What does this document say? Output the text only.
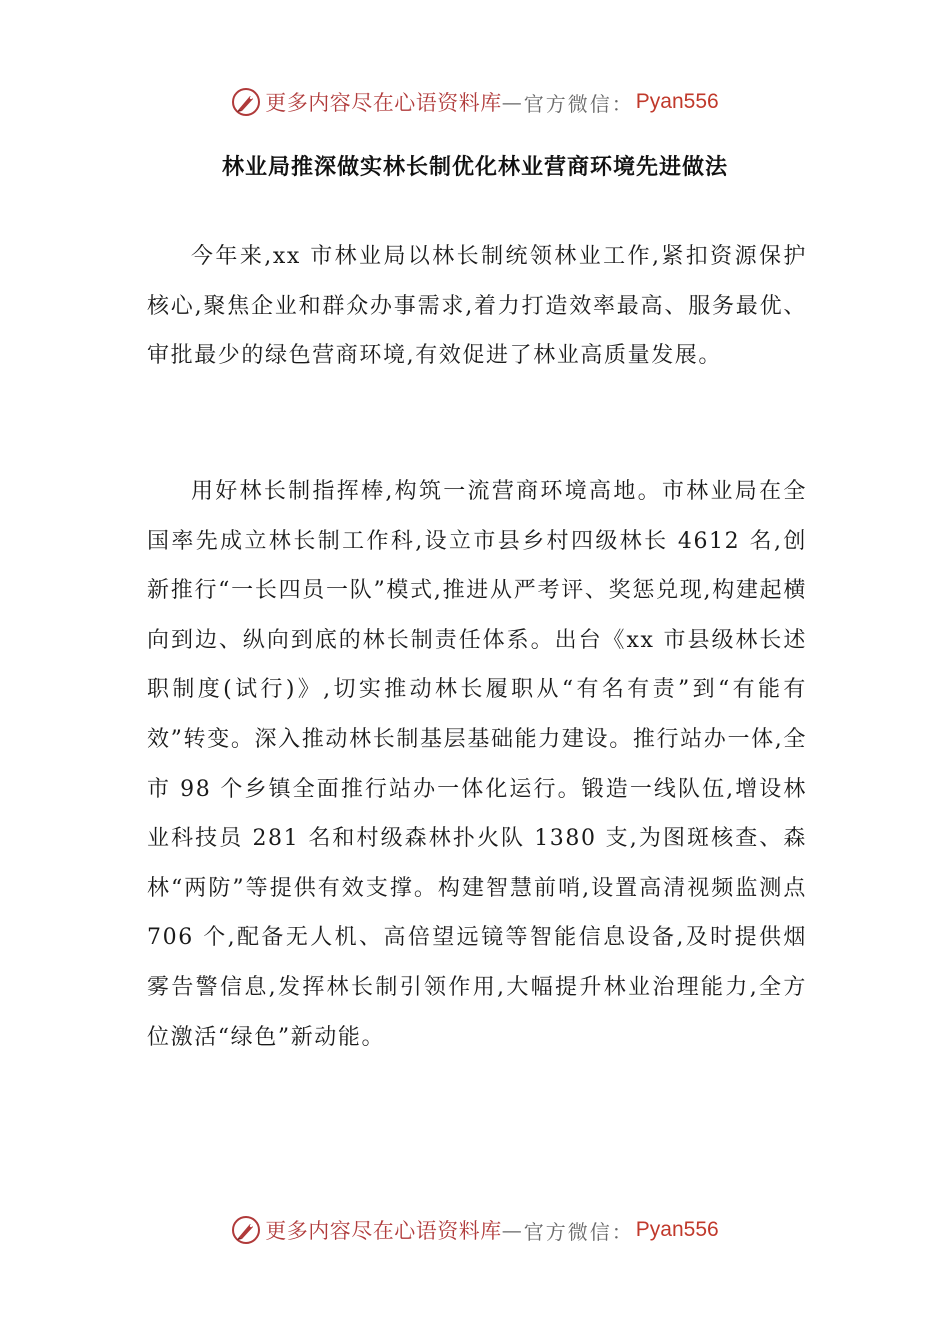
更多内容尽在心语资料库 — 官方微信： Pyan556
林业局推深做实林长制优化林业营商环境先进做法

今年来,xx 市林业局以林长制统领林业工作,紧扣资源保护核心,聚焦企业和群众办事需求,着力打造效率最高、服务最优、审批最少的绿色营商环境,有效促进了林业高质量发展。

用好林长制指挥棒,构筑一流营商环境高地。市林业局在全国率先成立林长制工作科,设立市县乡村四级林长 4612 名,创新推行“一长四员一队”模式,推进从严考评、奖惩兑现,构建起横向到边、纵向到底的林长制责任体系。出台《xx 市县级林长述职制度(试行)》,切实推动林长履职从“有名有责”到“有能有效”转变。深入推动林长制基层基础能力建设。推行站办一体,全市 98 个乡镇全面推行站办一体化运行。锻造一线队伍,增设林业科技员 281 名和村级森林扑火队 1380 支,为图斑核查、森林“两防”等提供有效支撑。构建智慧前哨,设置高清视频监测点 706 个,配备无人机、高倍望远镜等智能信息设备,及时提供烟雾告警信息,发挥林长制引领作用,大幅提升林业治理能力,全方位激活“绿色”新动能。

更多内容尽在心语资料库 — 官方微信： Pyan556
